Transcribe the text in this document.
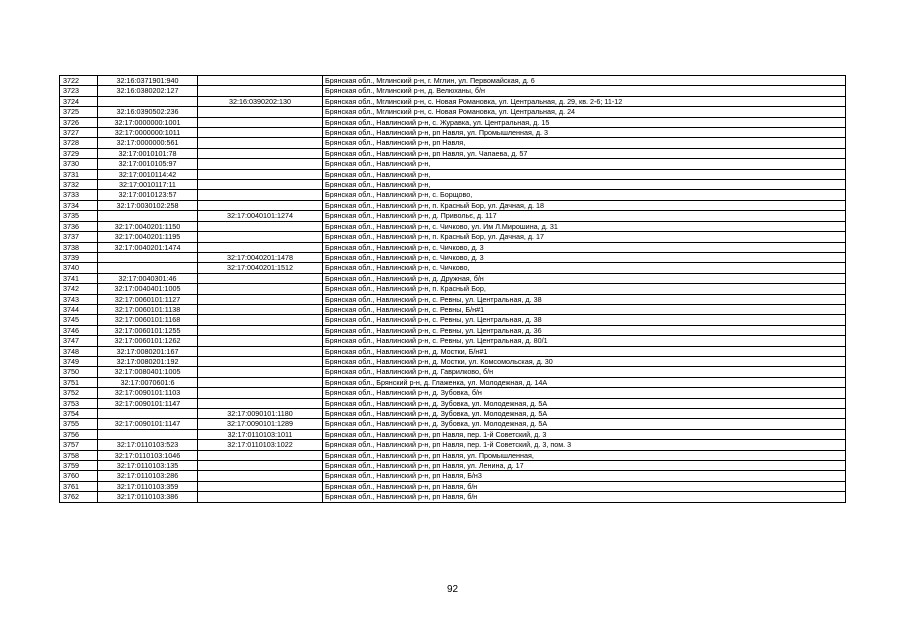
3722	32:16:0371901:940		Брянская обл., Мглинский р-н, г. Мглин, ул. Первомайская, д. 6
3723	32:16:0380202:127		Брянская обл., Мглинский р-н, д. Велюханы, б/н
3724		32:16:0390202:130	Брянская обл., Мглинский р-н, с. Новая Романовка, ул. Центральная, д. 29, кв. 2-6; 11-12
3725	32:16:0390502:236		Брянская обл., Мглинский р-н, с. Новая Романовка, ул. Центральная, д. 24
3726	32:17:0000000:1001		Брянская обл., Навлинский р-н, с. Журавка, ул. Центральная, д. 15
3727	32:17:0000000:1011		Брянская обл., Навлинский р-н, рп Навля, ул. Промышленная, д. 3
3728	32:17:0000000:561		Брянская обл., Навлинский р-н, рп Навля,
3729	32:17:0010101:78		Брянская обл., Навлинский р-н, рп Навля, ул. Чапаева, д. 57
3730	32:17:0010105:97		Брянская обл., Навлинский р-н,
3731	32:17:0010114:42		Брянская обл., Навлинский р-н,
3732	32:17:0010117:11		Брянская обл., Навлинский р-н,
3733	32:17:0010123:57		Брянская обл., Навлинский р-н, с. Борщово,
3734	32:17:0030102:258		Брянская обл., Навлинский р-н, п. Красный Бор, ул. Дачная, д. 18
3735		32:17:0040101:1274	Брянская обл., Навлинский р-н, д. Привольє, д. 117
3736	32:17:0040201:1150		Брянская обл., Навлинский р-н, с. Чичково, ул. Им Л.Мирошина, д. 31
3737	32:17:0040201:1195		Брянская обл., Навлинский р-н, п. Красный Бор, ул. Дачная, д. 17
3738	32:17:0040201:1474		Брянская обл., Навлинский р-н, с. Чичково, д. 3
3739		32:17:0040201:1478	Брянская обл., Навлинский р-н, с. Чичково, д. 3
3740		32:17:0040201:1512	Брянская обл., Навлинский р-н, с. Чичково,
3741	32:17:0040301:46		Брянская обл., Навлинский р-н, д. Дружная, б/н
3742	32:17:0040401:1005		Брянская обл., Навлинский р-н, п. Красный Бор,
3743	32:17:0060101:1127		Брянская обл., Навлинский р-н, с. Ревны, ул. Центральная, д. 38
3744	32:17:0060101:1138		Брянская обл., Навлинский р-н, с. Ревны, Б/н#1
3745	32:17:0060101:1168		Брянская обл., Навлинский р-н, с. Ревны, ул. Центральная, д. 38
3746	32:17:0060101:1255		Брянская обл., Навлинский р-н, с. Ревны, ул. Центральная, д. 36
3747	32:17:0060101:1262		Брянская обл., Навлинский р-н, с. Ревны, ул. Центральная, д. 80/1
3748	32:17:0080201:167		Брянская обл., Навлинский р-н, д. Мостки, Б/н#1
3749	32:17:0080201:192		Брянская обл., Навлинский р-н, д. Мостки, ул. Комсомольская, д. 30
3750	32:17:0080401:1005		Брянская обл., Навлинский р-н, д. Гаврилково, б/н
3751	32:17:0070601:6		Брянская обл., Брянский р-н, д. Глаженка, ул. Молодежная, д. 14А
3752	32:17:0090101:1103		Брянская обл., Навлинский р-н, д. Зубовка, б/н
3753	32:17:0090101:1147		Брянская обл., Навлинский р-н, д. Зубовка, ул. Молодежная, д. 5А
3754		32:17:0090101:1180	Брянская обл., Навлинский р-н, д. Зубовка, ул. Молодежная, д. 5А
3755	32:17:0090101:1147	32:17:0090101:1289	Брянская обл., Навлинский р-н, д. Зубовка, ул. Молодежная, д. 5А
3756		32:17:0110103:1011	Брянская обл., Навлинский р-н, рп Навля, пер. 1-й Советский, д. 3
3757	32:17:0110103:523	32:17:0110103:1022	Брянская обл., Навлинский р-н, рп Навля, пер. 1-й Советский, д. 3, пом. 3
3758	32:17:0110103:1046		Брянская обл., Навлинский р-н, рп Навля, ул. Промышленная,
3759	32:17:0110103:135		Брянская обл., Навлинский р-н, рп Навля, ул. Ленина, д. 17
3760	32:17:0110103:286		Брянская обл., Навлинский р-н, рп Навля, Б/н3
3761	32:17:0110103:359		Брянская обл., Навлинский р-н, рп Навля, б/н
3762	32:17:0110103:386		Брянская обл., Навлинский р-н, рп Навля, б/н
92
